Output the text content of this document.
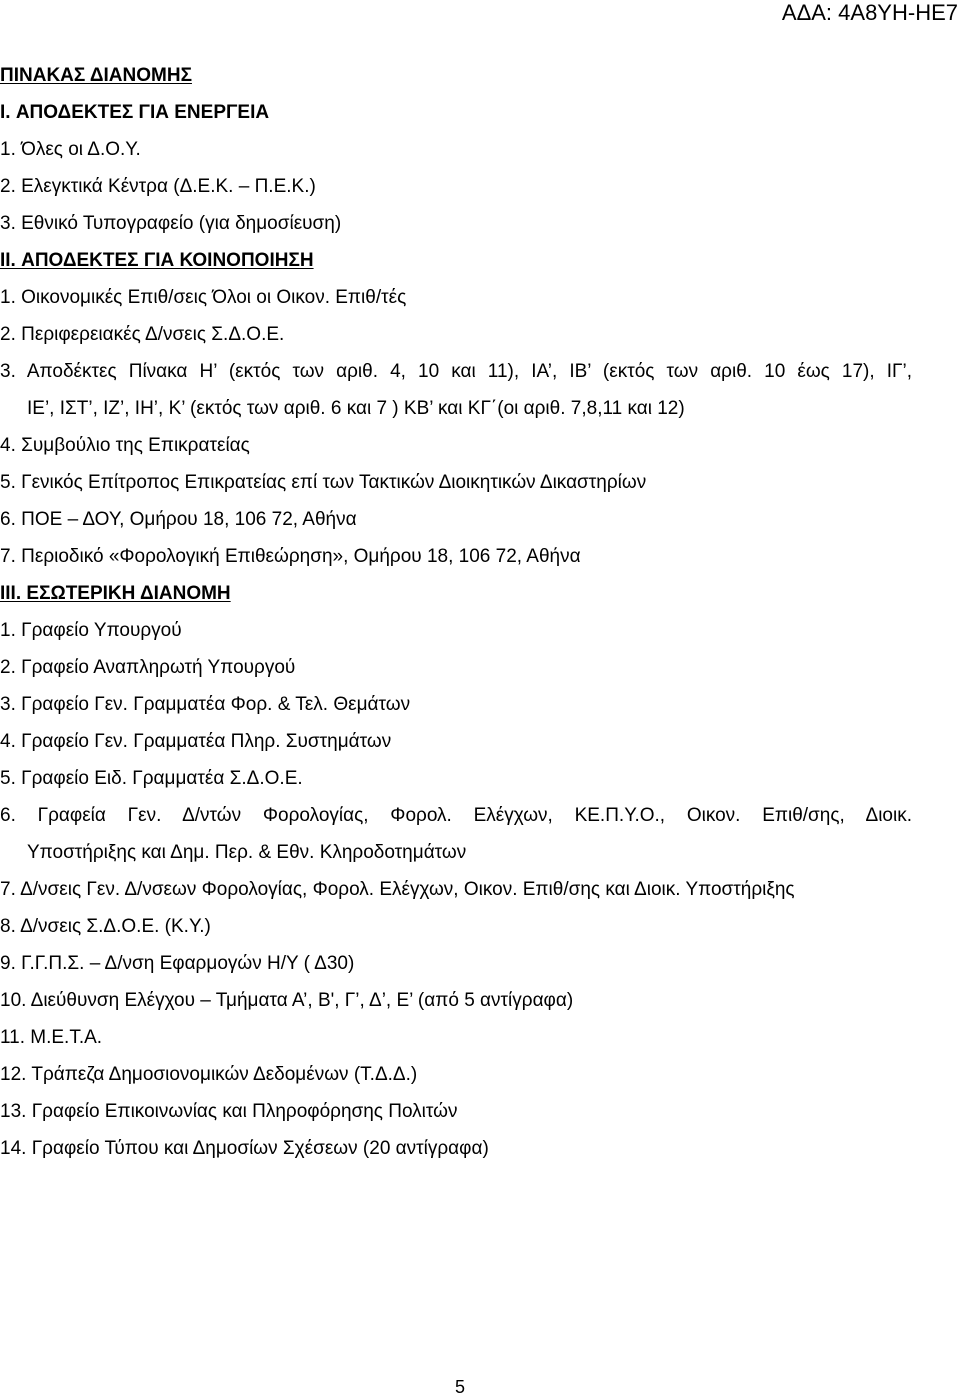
ΑΔΑ: 4Α8ΥΗ-ΗΕ7
ΠΙΝΑΚΑΣ ΔΙΑΝΟΜΗΣ
I. ΑΠΟΔΕΚΤΕΣ ΓΙΑ ΕΝΕΡΓΕΙΑ
1. Όλες οι Δ.Ο.Υ.
2. Ελεγκτικά Κέντρα (Δ.Ε.Κ. – Π.Ε.Κ.)
3. Εθνικό Τυπογραφείο (για δημοσίευση)
II. ΑΠΟΔΕΚΤΕΣ ΓΙΑ ΚΟΙΝΟΠΟΙΗΣΗ
1. Οικονομικές Επιθ/σεις Όλοι οι Οικον. Επιθ/τές
2. Περιφερειακές Δ/νσεις Σ.Δ.Ο.Ε.
3. Αποδέκτες Πίνακα Η’ (εκτός των αριθ. 4, 10 και 11), ΙΑ’, ΙΒ’ (εκτός των αριθ. 10 έως 17), ΙΓ’,
ΙΕ’, ΙΣΤ’, ΙΖ’, ΙΗ’, Κ’ (εκτός των αριθ. 6 και 7 ) ΚΒ’ και ΚΓ΄(οι αριθ. 7,8,11 και 12)
4. Συμβούλιο της Επικρατείας
5. Γενικός Επίτροπος Επικρατείας επί των Τακτικών Διοικητικών Δικαστηρίων
6. ΠΟΕ – ΔΟΥ, Ομήρου 18, 106 72, Αθήνα
7. Περιοδικό «Φορολογική Επιθεώρηση», Ομήρου 18, 106 72, Αθήνα
III. ΕΣΩΤΕΡΙΚΗ ΔΙΑΝΟΜΗ
1. Γραφείο Υπουργού
2. Γραφείο Αναπληρωτή Υπουργού
3. Γραφείο Γεν. Γραμματέα Φορ. & Τελ. Θεμάτων
4. Γραφείο Γεν. Γραμματέα Πληρ. Συστημάτων
5. Γραφείο Ειδ. Γραμματέα Σ.Δ.Ο.Ε.
6. Γραφεία Γεν. Δ/ντών Φορολογίας, Φορολ. Ελέγχων, ΚΕ.Π.Υ.Ο., Οικον. Επιθ/σης, Διοικ.
Υποστήριξης και Δημ. Περ. & Εθν. Κληροδοτημάτων
7. Δ/νσεις Γεν. Δ/νσεων Φορολογίας, Φορολ. Ελέγχων, Οικον. Επιθ/σης και Διοικ. Υποστήριξης
8. Δ/νσεις Σ.Δ.Ο.Ε. (Κ.Υ.)
9. Γ.Γ.Π.Σ. – Δ/νση Εφαρμογών Η/Υ ( Δ30)
10. Διεύθυνση Ελέγχου – Τμήματα Α’, Β', Γ’, Δ’, Ε’ (από 5 αντίγραφα)
11. Μ.Ε.Τ.Α.
12. Τράπεζα Δημοσιονομικών Δεδομένων (Τ.Δ.Δ.)
13. Γραφείο Επικοινωνίας και Πληροφόρησης Πολιτών
14. Γραφείο Τύπου και Δημοσίων Σχέσεων (20 αντίγραφα)
5
